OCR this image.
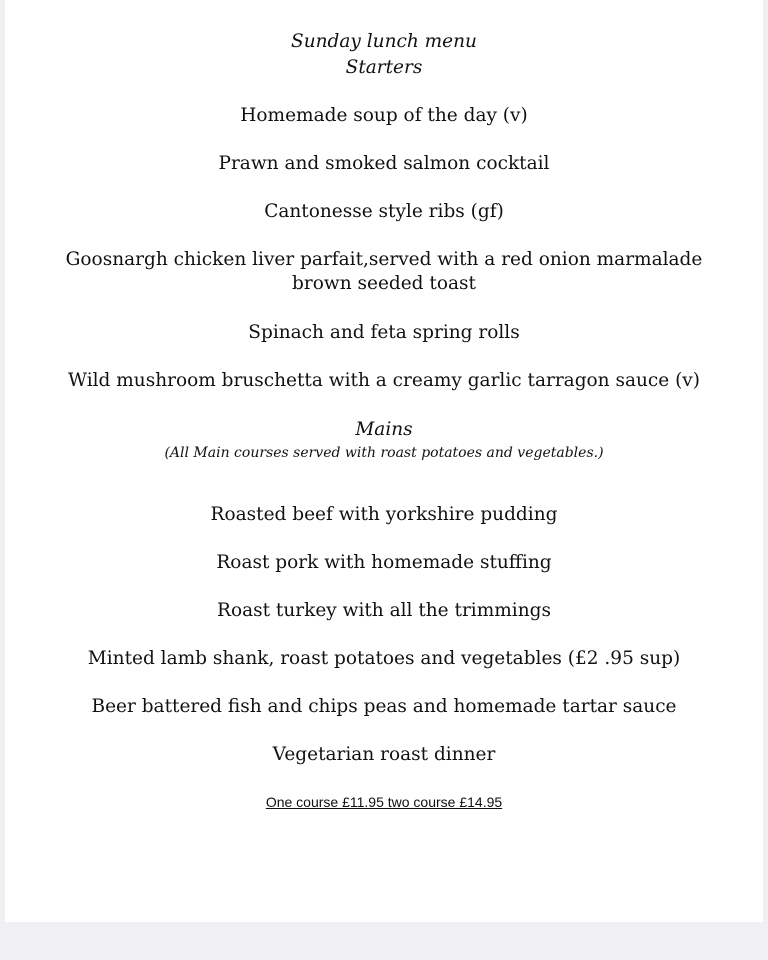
Sunday lunch menu
Starters
Homemade soup of the day (v)
Prawn and smoked salmon cocktail
Cantonesse style ribs (gf)
Goosnargh chicken liver parfait,served with a red onion marmalade
brown seeded toast
Spinach and feta spring rolls
Wild mushroom bruschetta with a creamy garlic tarragon sauce (v)
Mains
(All Main courses served with roast potatoes and vegetables.)
Roasted beef with yorkshire pudding
Roast pork with homemade stuffing
Roast turkey with all the trimmings
Minted lamb shank, roast potatoes and vegetables (£2 .95 sup)
Beer battered fish and chips peas and homemade tartar sauce
Vegetarian roast dinner
One course £11.95 two course £14.95
